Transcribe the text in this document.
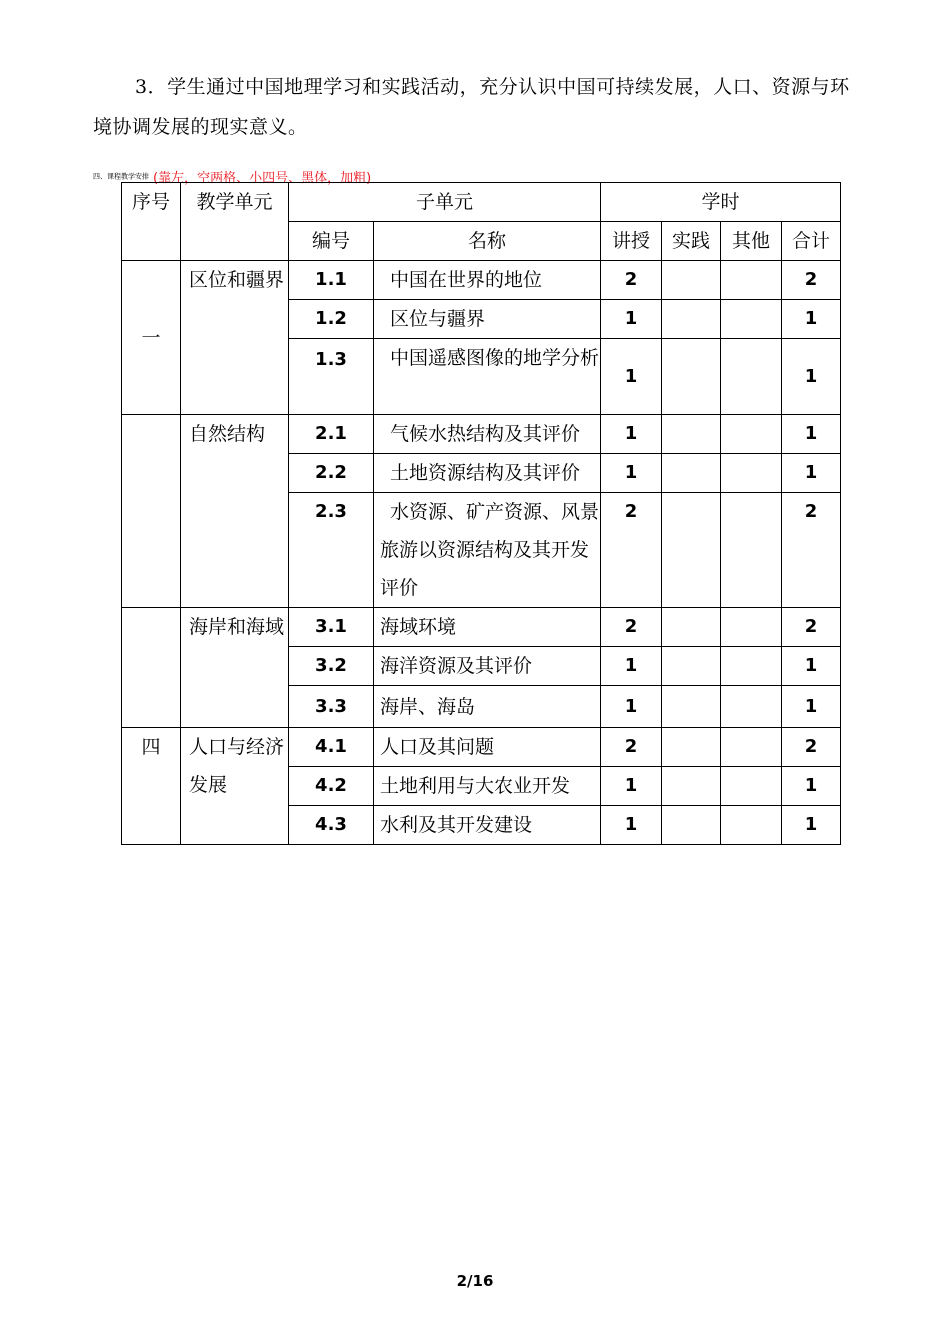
3．学生通过中国地理学习和实践活动，充分认识中国可持续发展，人口、资源与环境协调发展的现实意义。
四、课程教学安排 (靠左，空两格、小四号、黑体，加粗)
序号	教学单元	子单元		学时			
		编号	名称	讲授	实践	其他	合计
一	区位和疆界	1.1	中国在世界的地位	2			2
		1.2	区位与疆界	1			1
		1.3	中国遥感图像的地学分析	1			1
	自然结构	2.1	气候水热结构及其评价	1			1
		2.2	土地资源结构及其评价	1			1
		2.3	水资源、矿产资源、风景旅游以资源结构及其开发评价	2			2
	海岸和海域	3.1	海域环境	2			2
		3.2	海洋资源及其评价	1			1
		3.3	海岸、海岛	1			1
四	人口与经济发展	4.1	人口及其问题	2			2
		4.2	土地利用与大农业开发	1			1
		4.3	水利及其开发建设	1			1
2/16
